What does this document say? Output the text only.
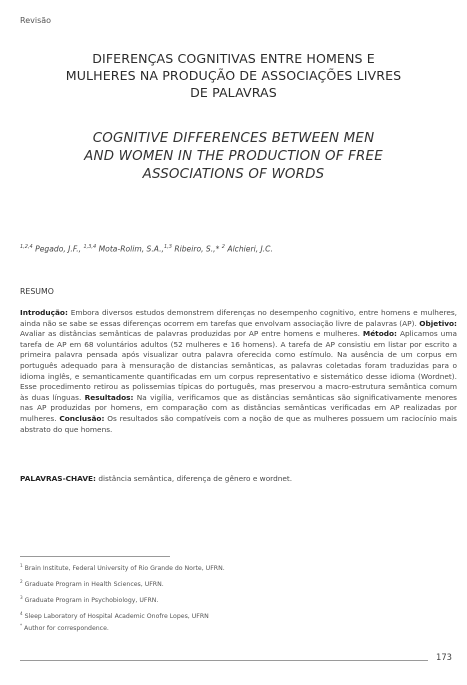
Revisão
DIFERENÇAS COGNITIVAS ENTRE HOMENS E
MULHERES NA PRODUÇÃO DE ASSOCIAÇÕES LIVRES
DE PALAVRAS
COGNITIVE DIFFERENCES BETWEEN MEN
AND WOMEN IN THE PRODUCTION OF FREE
ASSOCIATIONS OF WORDS
$^{1,2,4}$ Pegado, J.F., $^{1,3,4}$ Mota-Rolim, S.A.,$^{1,3}$ Ribeiro, S.,* $^2$ Alchieri, J.C.
RESUMO

Introdução: Embora diversos estudos demonstrem diferenças no desempenho cognitivo, entre homens e mulheres, ainda não se sabe se essas diferenças ocorrem em tarefas que envolvam associação livre de palavras (AP). Objetivo: Avaliar as distâncias semânticas de palavras produzidas por AP entre homens e mulheres. Método: Aplicamos uma tarefa de AP em 68 voluntários adultos (52 mulheres e 16 homens). A tarefa de AP consistiu em listar por escrito a primeira palavra pensada após visualizar outra palavra oferecida como estímulo. Na ausência de um corpus em português adequado para à mensuração de distancias semânticas, as palavras coletadas foram traduzidas para o idioma inglês, e semanticamente quantificadas em um corpus representativo e sistemático desse idioma (Wordnet). Esse procedimento retirou as polissemias típicas do português, mas preservou a macro-estrutura semântica comum às duas línguas. Resultados: Na vigília, verificamos que as distâncias semânticas são significativamente menores nas AP produzidas por homens, em comparação com as distâncias semânticas verificadas em AP realizadas por mulheres. Conclusão: Os resultados são compatíveis com a noção de que as mulheres possuem um raciocínio mais abstrato do que homens.

PALAVRAS-CHAVE: distância semântica, diferença de gênero e wordnet.
$^1$ Brain Institute, Federal University of Rio Grande do Norte, UFRN.
$^2$ Graduate Program in Health Sciences, UFRN.
$^3$ Graduate Program in Psychobiology, UFRN.
$^4$ Sleep Laboratory of Hospital Academic Onofre Lopes, UFRN
* Author for correspondence.
173
